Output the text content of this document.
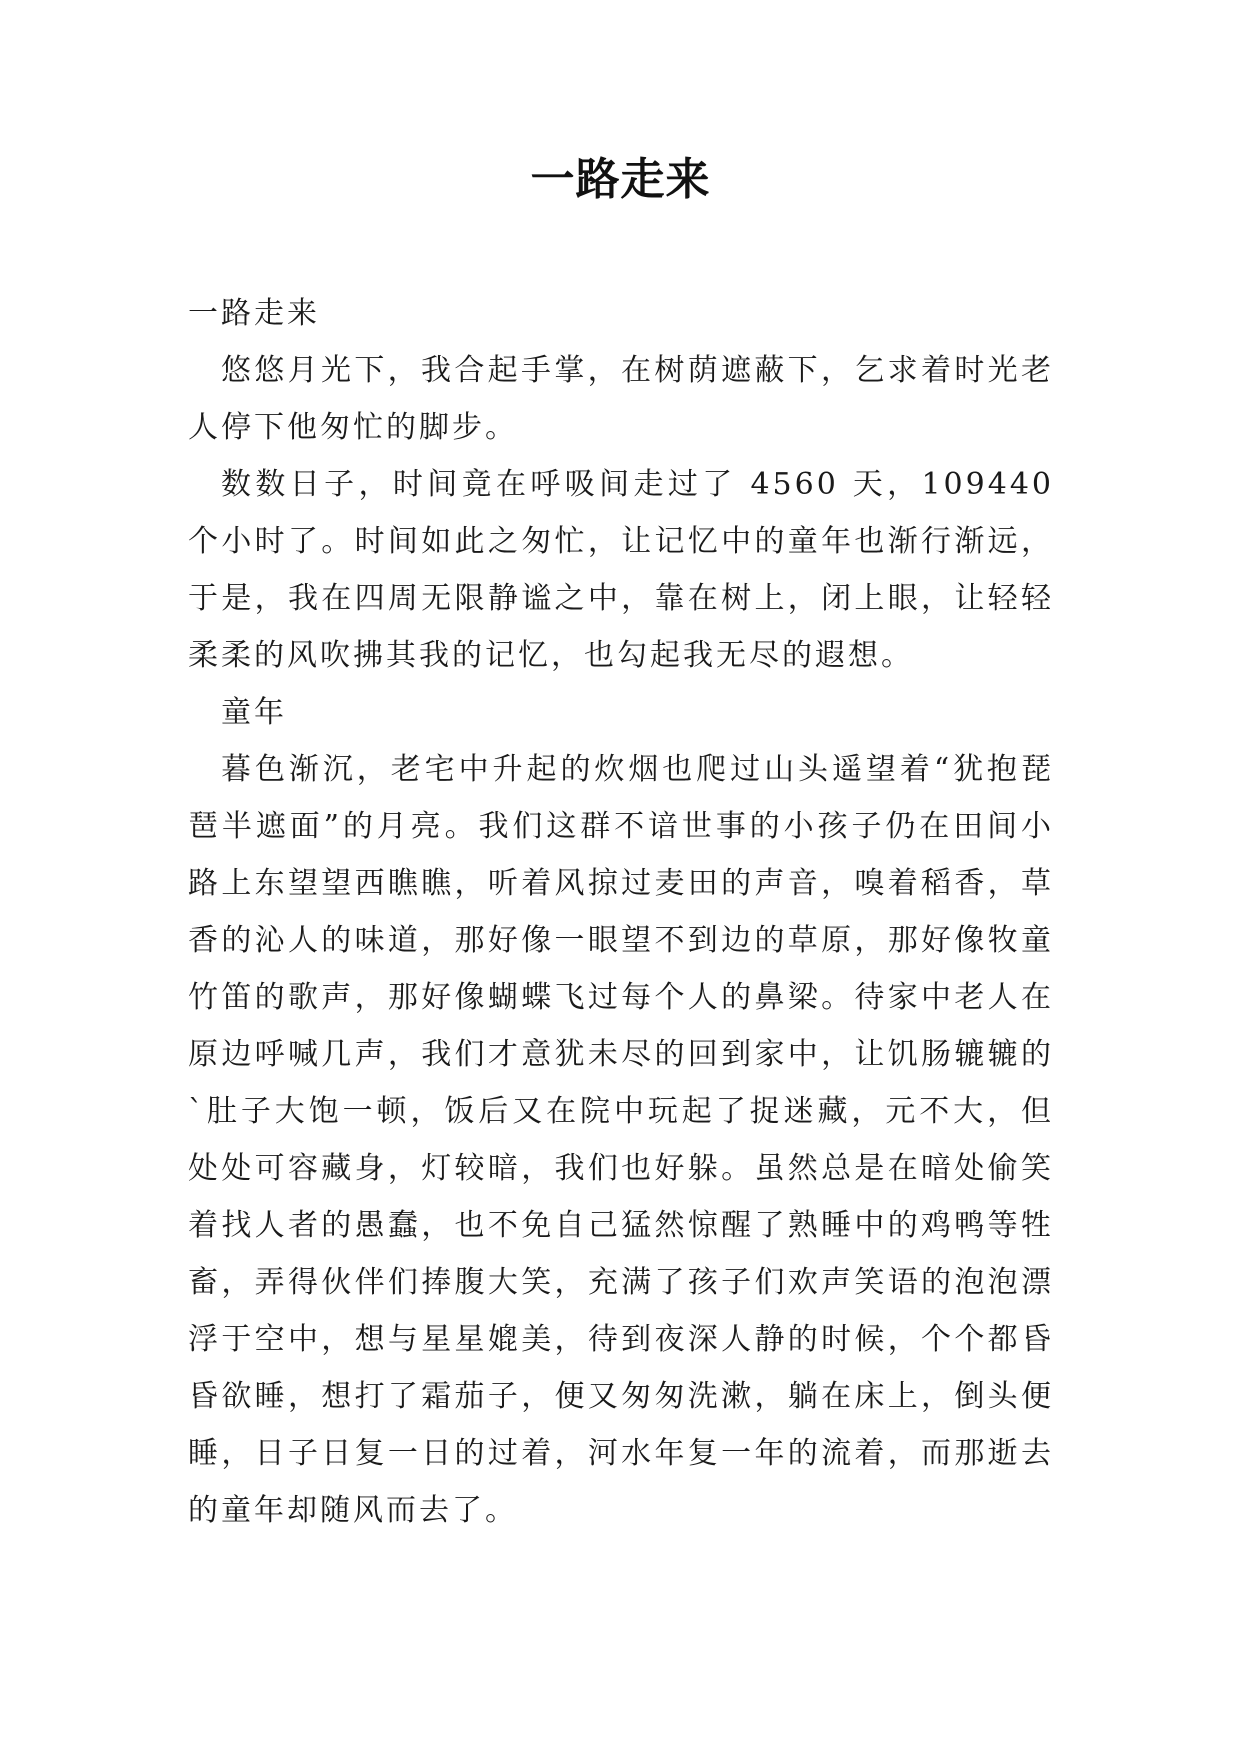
一路走来

一路走来

悠悠月光下，我合起手掌，在树荫遮蔽下，乞求着时光老人停下他匆忙的脚步。

数数日子，时间竟在呼吸间走过了 4560 天，109440 个小时了。时间如此之匆忙，让记忆中的童年也渐行渐远，于是，我在四周无限静谧之中，靠在树上，闭上眼，让轻轻柔柔的风吹拂其我的记忆，也勾起我无尽的遐想。

童年

暮色渐沉，老宅中升起的炊烟也爬过山头遥望着“犹抱琵琶半遮面”的月亮。我们这群不谙世事的小孩子仍在田间小路上东望望西瞧瞧，听着风掠过麦田的声音，嗅着稻香，草香的沁人的味道，那好像一眼望不到边的草原，那好像牧童竹笛的歌声，那好像蝴蝶飞过每个人的鼻梁。待家中老人在原边呼喊几声，我们才意犹未尽的回到家中，让饥肠辘辘的`肚子大饱一顿，饭后又在院中玩起了捉迷藏，元不大，但处处可容藏身，灯较暗，我们也好躲。虽然总是在暗处偷笑着找人者的愚蠢，也不免自己猛然惊醒了熟睡中的鸡鸭等牲畜，弄得伙伴们捧腹大笑，充满了孩子们欢声笑语的泡泡漂浮于空中，想与星星媲美，待到夜深人静的时候，个个都昏昏欲睡，想打了霜茄子，便又匆匆洗漱，躺在床上，倒头便睡，日子日复一日的过着，河水年复一年的流着，而那逝去的童年却随风而去了。
